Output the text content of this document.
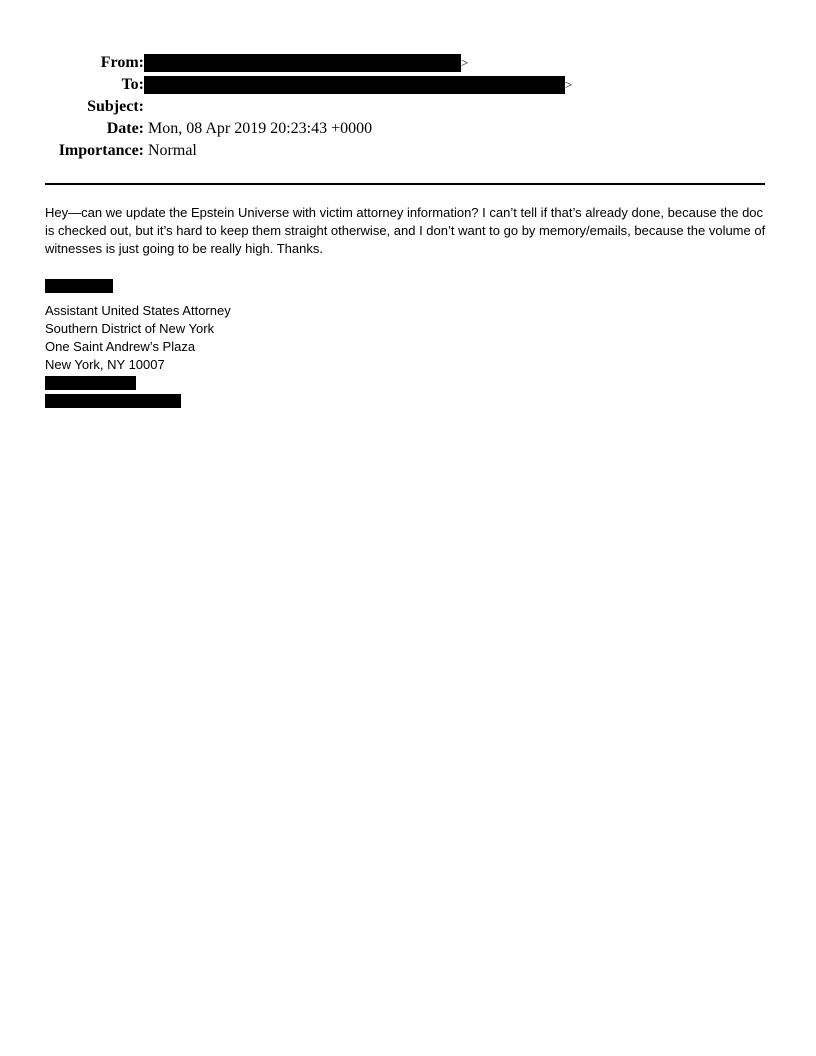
From:	>
To:	>
Subject:
Date: Mon, 08 Apr 2019 20:23:43 +0000
Importance: Normal
Hey—can we update the Epstein Universe with victim attorney information? I can’t tell if that’s already done, because the doc is checked out, but it’s hard to keep them straight otherwise, and I don’t want to go by memory/emails, because the volume of witnesses is just going to be really high. Thanks.
Assistant United States Attorney
Southern District of New York
One Saint Andrew’s Plaza
New York, NY 10007
